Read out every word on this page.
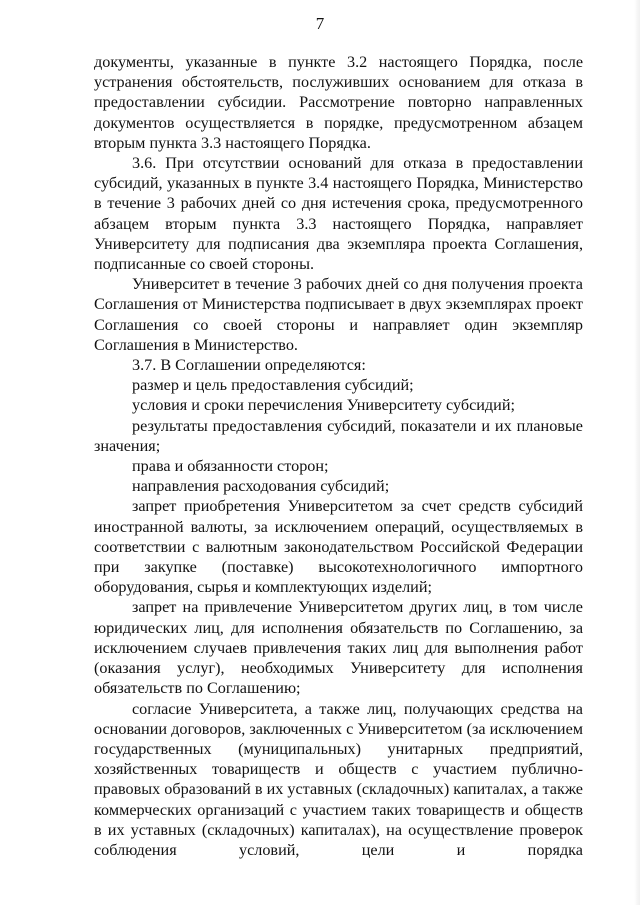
7

документы, указанные в пункте 3.2 настоящего Порядка, после устранения обстоятельств, послуживших основанием для отказа в предоставлении субсидии. Рассмотрение повторно направленных документов осуществляется в порядке, предусмотренном абзацем вторым пункта 3.3 настоящего Порядка.

3.6. При отсутствии оснований для отказа в предоставлении субсидий, указанных в пункте 3.4 настоящего Порядка, Министерство в течение 3 рабочих дней со дня истечения срока, предусмотренного абзацем вторым пункта 3.3 настоящего Порядка, направляет Университету для подписания два экземпляра проекта Соглашения, подписанные со своей стороны.

Университет в течение 3 рабочих дней со дня получения проекта Соглашения от Министерства подписывает в двух экземплярах проект Соглашения со своей стороны и направляет один экземпляр Соглашения в Министерство.

3.7. В Соглашении определяются:

размер и цель предоставления субсидий;

условия и сроки перечисления Университету субсидий;

результаты предоставления субсидий, показатели и их плановые значения;

права и обязанности сторон;

направления расходования субсидий;

запрет приобретения Университетом за счет средств субсидий иностранной валюты, за исключением операций, осуществляемых в соответствии с валютным законодательством Российской Федерации при закупке (поставке) высокотехнологичного импортного оборудования, сырья и комплектующих изделий;

запрет на привлечение Университетом других лиц, в том числе юридических лиц, для исполнения обязательств по Соглашению, за исключением случаев привлечения таких лиц для выполнения работ (оказания услуг), необходимых Университету для исполнения обязательств по Соглашению;

согласие Университета, а также лиц, получающих средства на основании договоров, заключенных с Университетом (за исключением государственных (муниципальных) унитарных предприятий, хозяйственных товариществ и обществ с участием публично-правовых образований в их уставных (складочных) капиталах, а также коммерческих организаций с участием таких товариществ и обществ в их уставных (складочных) капиталах), на осуществление проверок соблюдения условий, цели и порядка
